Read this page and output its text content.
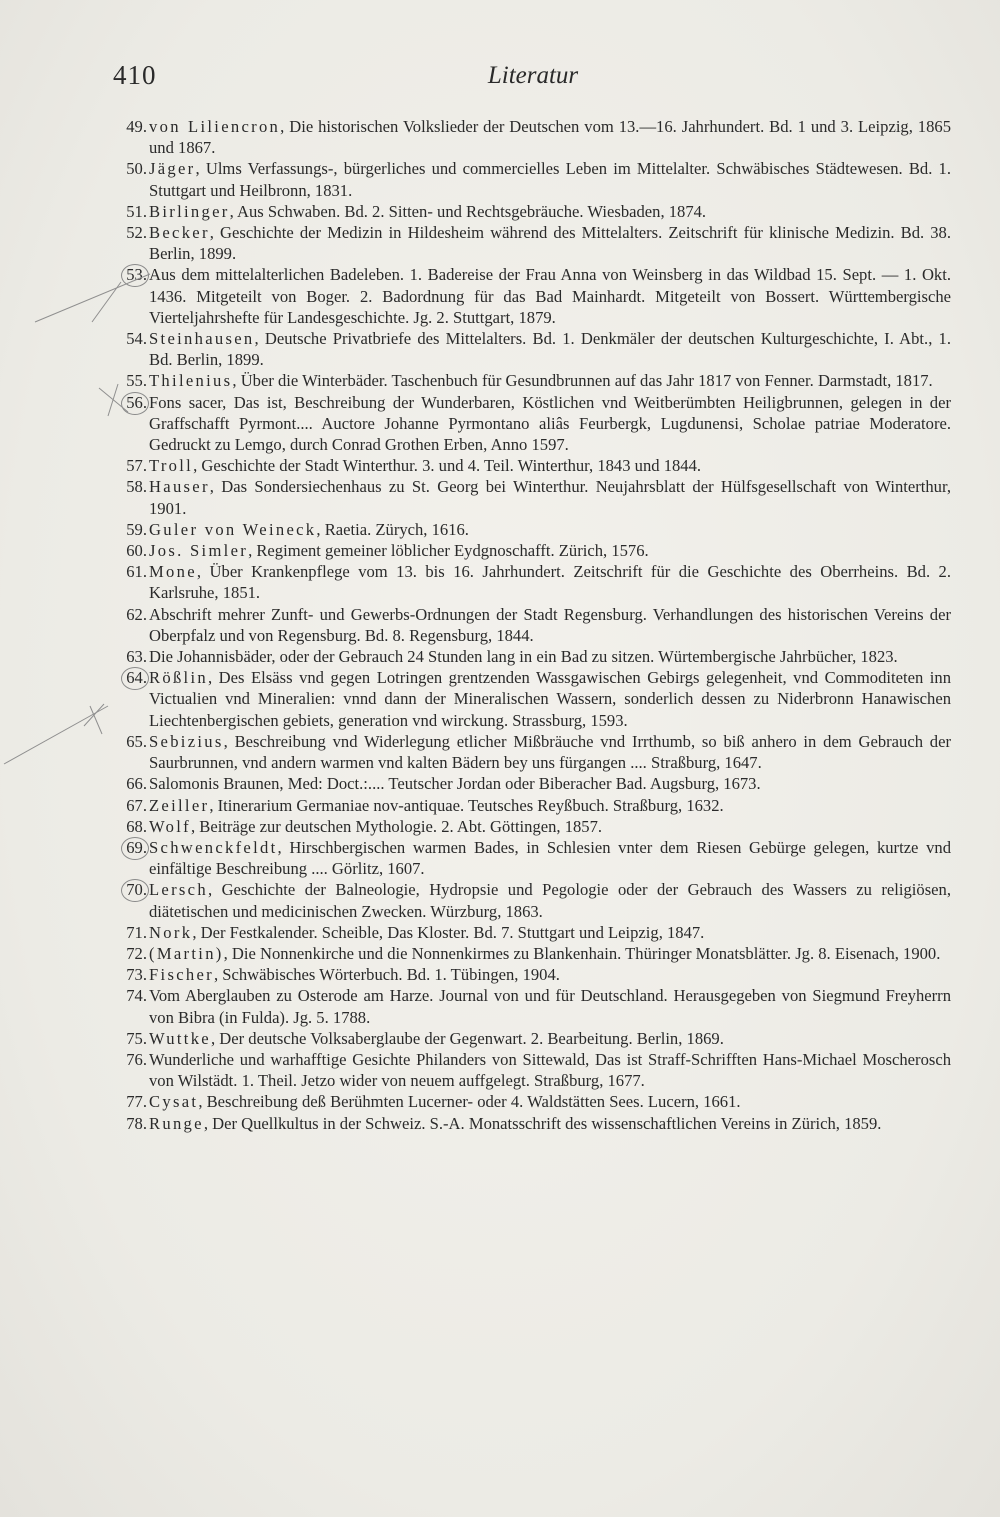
410	Literatur
49. von Liliencron, Die historischen Volkslieder der Deutschen vom 13.—16. Jahrhundert. Bd. 1 und 3. Leipzig, 1865 und 1867.
50. Jäger, Ulms Verfassungs-, bürgerliches und commercielles Leben im Mittelalter. Schwäbisches Städtewesen. Bd. 1. Stuttgart und Heilbronn, 1831.
51. Birlinger, Aus Schwaben. Bd. 2. Sitten- und Rechtsgebräuche. Wiesbaden, 1874.
52. Becker, Geschichte der Medizin in Hildesheim während des Mittelalters. Zeitschrift für klinische Medizin. Bd. 38. Berlin, 1899.
53. Aus dem mittelalterlichen Badeleben. 1. Badereise der Frau Anna von Weinsberg in das Wildbad 15. Sept. — 1. Okt. 1436. Mitgeteilt von Boger. 2. Badordnung für das Bad Mainhardt. Mitgeteilt von Bossert. Württembergische Vierteljahrshefte für Landesgeschichte. Jg. 2. Stuttgart, 1879.
54. Steinhausen, Deutsche Privatbriefe des Mittelalters. Bd. 1. Denkmäler der deutschen Kulturgeschichte, I. Abt., 1. Bd. Berlin, 1899.
55. Thilenius, Über die Winterbäder. Taschenbuch für Gesundbrunnen auf das Jahr 1817 von Fenner. Darmstadt, 1817.
56. Fons sacer, Das ist, Beschreibung der Wunderbaren, Köstlichen vnd Weitberümbten Heiligbrunnen, gelegen in der Graffschafft Pyrmont.... Auctore Johanne Pyrmontano aliâs Feurbergk, Lugdunensi, Scholae patriae Moderatore. Gedruckt zu Lemgo, durch Conrad Grothen Erben, Anno 1597.
57. Troll, Geschichte der Stadt Winterthur. 3. und 4. Teil. Winterthur, 1843 und 1844.
58. Hauser, Das Sondersiechenhaus zu St. Georg bei Winterthur. Neujahrsblatt der Hülfsgesellschaft von Winterthur, 1901.
59. Guler von Weineck, Raetia. Zürych, 1616.
60. Jos. Simler, Regiment gemeiner löblicher Eydgnoschafft. Zürich, 1576.
61. Mone, Über Krankenpflege vom 13. bis 16. Jahrhundert. Zeitschrift für die Geschichte des Oberrheins. Bd. 2. Karlsruhe, 1851.
62. Abschrift mehrer Zunft- und Gewerbs-Ordnungen der Stadt Regensburg. Verhandlungen des historischen Vereins der Oberpfalz und von Regensburg. Bd. 8. Regensburg, 1844.
63. Die Johannisbäder, oder der Gebrauch 24 Stunden lang in ein Bad zu sitzen. Würtembergische Jahrbücher, 1823.
64. Rößlin, Des Elsäss vnd gegen Lotringen grentzenden Wassgawischen Gebirgs gelegenheit, vnd Commoditeten inn Victualien vnd Mineralien: vnnd dann der Mineralischen Wassern, sonderlich dessen zu Niderbronn Hanawischen Liechtenbergischen gebiets, generation vnd wirckung. Strassburg, 1593.
65. Sebizius, Beschreibung vnd Widerlegung etlicher Mißbräuche vnd Irrthumb, so biß anhero in dem Gebrauch der Saurbrunnen, vnd andern warmen vnd kalten Bädern bey uns fürgangen .... Straßburg, 1647.
66. Salomonis Braunen, Med: Doct.:.... Teutscher Jordan oder Biberacher Bad. Augsburg, 1673.
67. Zeiller, Itinerarium Germaniae nov-antiquae. Teutsches Reyßbuch. Straßburg, 1632.
68. Wolf, Beiträge zur deutschen Mythologie. 2. Abt. Göttingen, 1857.
69. Schwenckfeldt, Hirschbergischen warmen Bades, in Schlesien vnter dem Riesen Gebürge gelegen, kurtze vnd einfältige Beschreibung .... Görlitz, 1607.
70. Lersch, Geschichte der Balneologie, Hydropsie und Pegologie oder der Gebrauch des Wassers zu religiösen, diätetischen und medicinischen Zwecken. Würzburg, 1863.
71. Nork, Der Festkalender. Scheible, Das Kloster. Bd. 7. Stuttgart und Leipzig, 1847.
72. (Martin), Die Nonnenkirche und die Nonnenkirmes zu Blankenhain. Thüringer Monatsblätter. Jg. 8. Eisenach, 1900.
73. Fischer, Schwäbisches Wörterbuch. Bd. 1. Tübingen, 1904.
74. Vom Aberglauben zu Osterode am Harze. Journal von und für Deutschland. Herausgegeben von Siegmund Freyherrn von Bibra (in Fulda). Jg. 5. 1788.
75. Wuttke, Der deutsche Volksaberglaube der Gegenwart. 2. Bearbeitung. Berlin, 1869.
76. Wunderliche und warhafftige Gesichte Philanders von Sittewald, Das ist Straff-Schrifften Hans-Michael Moscherosch von Wilstädt. 1. Theil. Jetzo wider von neuem auffgelegt. Straßburg, 1677.
77. Cysat, Beschreibung deß Berühmten Lucerner- oder 4. Waldstätten Sees. Lucern, 1661.
78. Runge, Der Quellkultus in der Schweiz. S.-A. Monatsschrift des wissenschaftlichen Vereins in Zürich, 1859.
